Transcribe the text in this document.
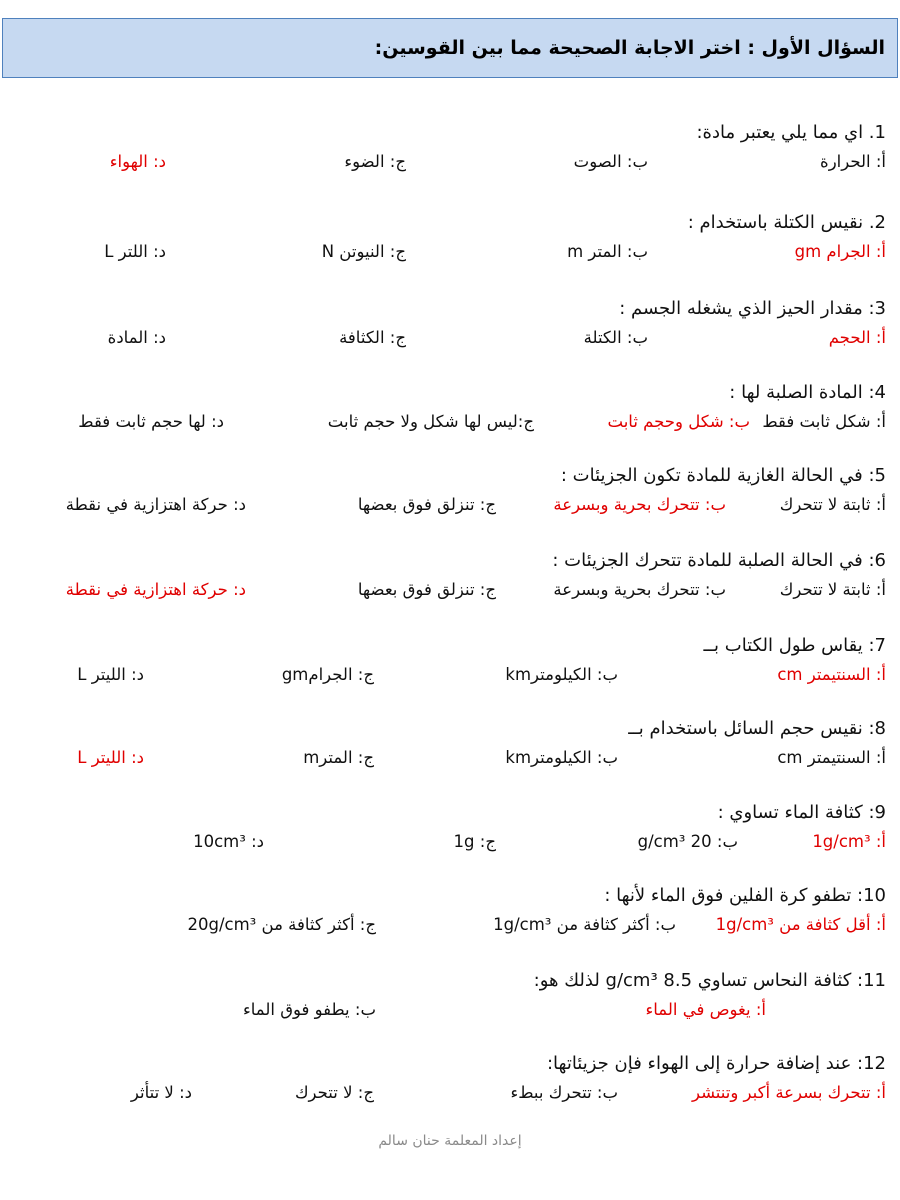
السؤال الأول : اختر الاجابة الصحيحة مما بين القوسين:
1. اي مما يلي يعتبر مادة:
أ: الحرارة
ب: الصوت
ج: الضوء
د: الهواء
2. نقيس الكتلة باستخدام :
أ: الجرام gm
ب: المتر m
ج: النيوتن N
د: اللتر L
3: مقدار الحيز الذي يشغله الجسم :
أ: الحجم
ب: الكتلة
ج: الكثافة
د: المادة
4: المادة الصلبة لها :
أ: شكل ثابت فقط
ب: شكل وحجم ثابت
ج:ليس لها شكل ولا حجم ثابت
د: لها حجم ثابت فقط
5: في الحالة الغازية للمادة تكون الجزيئات :
أ: ثابتة لا تتحرك
ب: تتحرك بحرية وبسرعة
ج: تنزلق فوق بعضها
د: حركة اهتزازية في نقطة
6: في الحالة الصلبة للمادة تتحرك الجزيئات :
أ: ثابتة لا تتحرك
ب: تتحرك بحرية وبسرعة
ج: تنزلق فوق بعضها
د: حركة اهتزازية في نقطة
7: يقاس طول الكتاب بــ
أ: السنتيمتر cm
ب: الكيلومترkm
ج: الجرامgm
د: الليتر L
8: نقيس حجم السائل باستخدام بــ
أ: السنتيمتر cm
ب: الكيلومترkm
ج: المترm
د: الليتر L
9: كثافة الماء تساوي :
أ: 1g/cm³
ب: 20 g/cm³
ج: 1g
د: 10cm³
10: تطفو كرة الفلين فوق الماء لأنها :
أ: أقل كثافة من 1g/cm³
ب: أكثر كثافة من 1g/cm³
ج: أكثر كثافة من 20g/cm³
11: كثافة النحاس تساوي 8.5 g/cm³ لذلك هو:
أ: يغوص في الماء
ب: يطفو فوق الماء
12: عند إضافة حرارة إلى الهواء فإن جزيئاتها:
أ: تتحرك بسرعة أكبر وتنتشر
ب: تتحرك ببطء
ج: لا تتحرك
د: لا تتأثر
إعداد المعلمة حنان سالم
